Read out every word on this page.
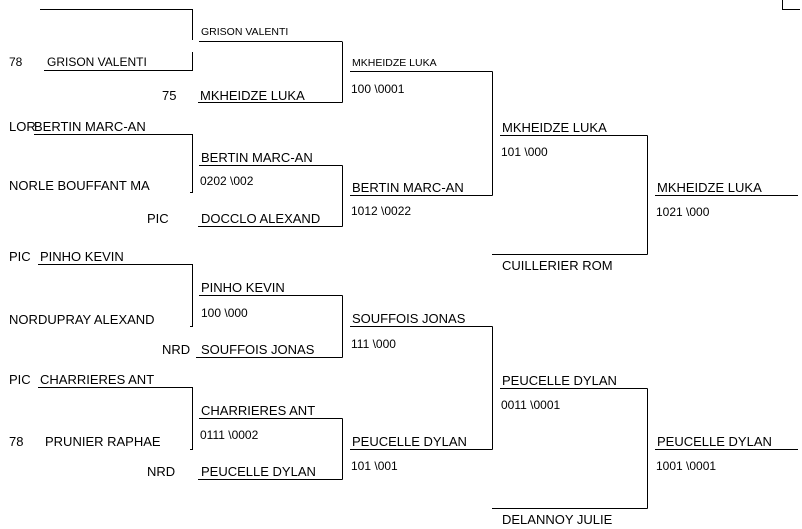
78 GRISON VALENTI
75 MKHEIDZE LUKA
LOR
BERTIN MARC-AN
NOR LE BOUFFANT MA
PIC DOCCLO ALEXAND
PIC PINHO KEVIN
NOR DUPRAY ALEXAND
NRD SOUFFOIS JONAS
PIC CHARRIERES ANT
78 PRUNIER RAPHAE
NRD PEUCELLE DYLAN
GRISON VALENTI
BERTIN MARC-AN
0202 \002
PINHO KEVIN
100 \000
CHARRIERES ANT
0111 \0002
MKHEIDZE LUKA
100 \0001
BERTIN MARC-AN
1012 \0022
SOUFFOIS JONAS
111 \000
PEUCELLE DYLAN
101 \001
MKHEIDZE LUKA
101 \000
CUILLERIER ROM
PEUCELLE DYLAN
0011 \0001
DELANNOY JULIE
MKHEIDZE LUKA
1021 \000
PEUCELLE DYLAN
1001 \0001
